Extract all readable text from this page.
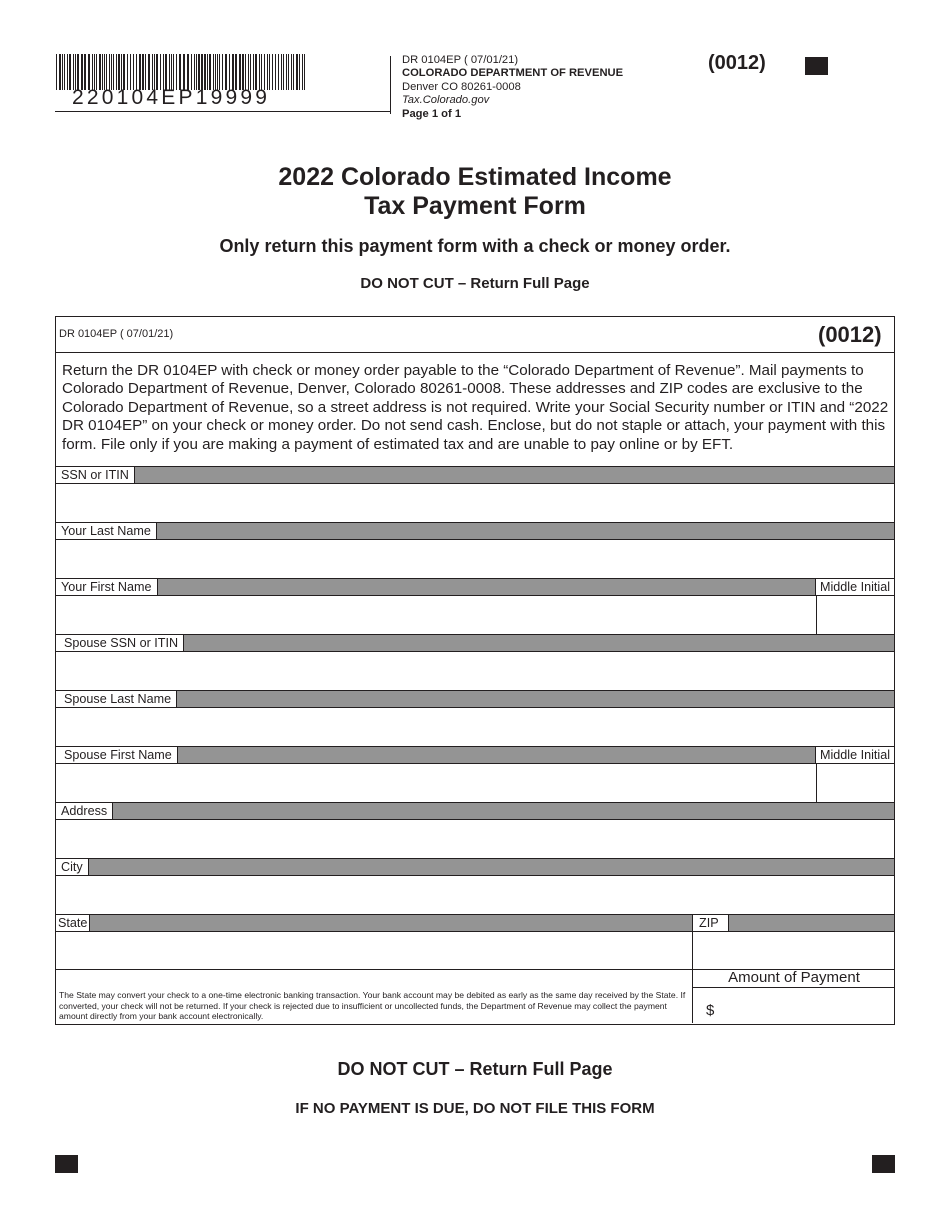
220104EP19999
DR 0104EP ( 07/01/21)
COLORADO DEPARTMENT OF REVENUE
Denver CO 80261-0008
Tax.Colorado.gov
Page 1 of 1
(0012)
2022 Colorado Estimated Income
Tax Payment Form
Only return this payment form with a check or money order.
DO NOT CUT – Return Full Page
DR 0104EP ( 07/01/21)	(0012)
Return the DR 0104EP with check or money order payable to the “Colorado Department of Revenue”. Mail payments to Colorado Department of Revenue, Denver, Colorado 80261-0008. These addresses and ZIP codes are exclusive to the Colorado Department of Revenue, so a street address is not required. Write your Social Security number or ITIN and “2022 DR 0104EP” on your check or money order. Do not send cash. Enclose, but do not staple or attach, your payment with this form. File only if you are making a payment of estimated tax and are unable to pay online or by EFT.
SSN or ITIN
Your Last Name
Your First Name	Middle Initial
Spouse SSN or ITIN
Spouse Last Name
Spouse First Name	Middle Initial
Address
City
State	ZIP
The State may convert your check to a one-time electronic banking transaction. Your bank account may be debited as early as the same day received by the State. If converted, your check will not be returned. If your check is rejected due to insufficient or uncollected funds, the Department of Revenue may collect the payment amount directly from your bank account electronically.
Amount of Payment
$
DO NOT CUT – Return Full Page
IF NO PAYMENT IS DUE, DO NOT FILE THIS FORM
